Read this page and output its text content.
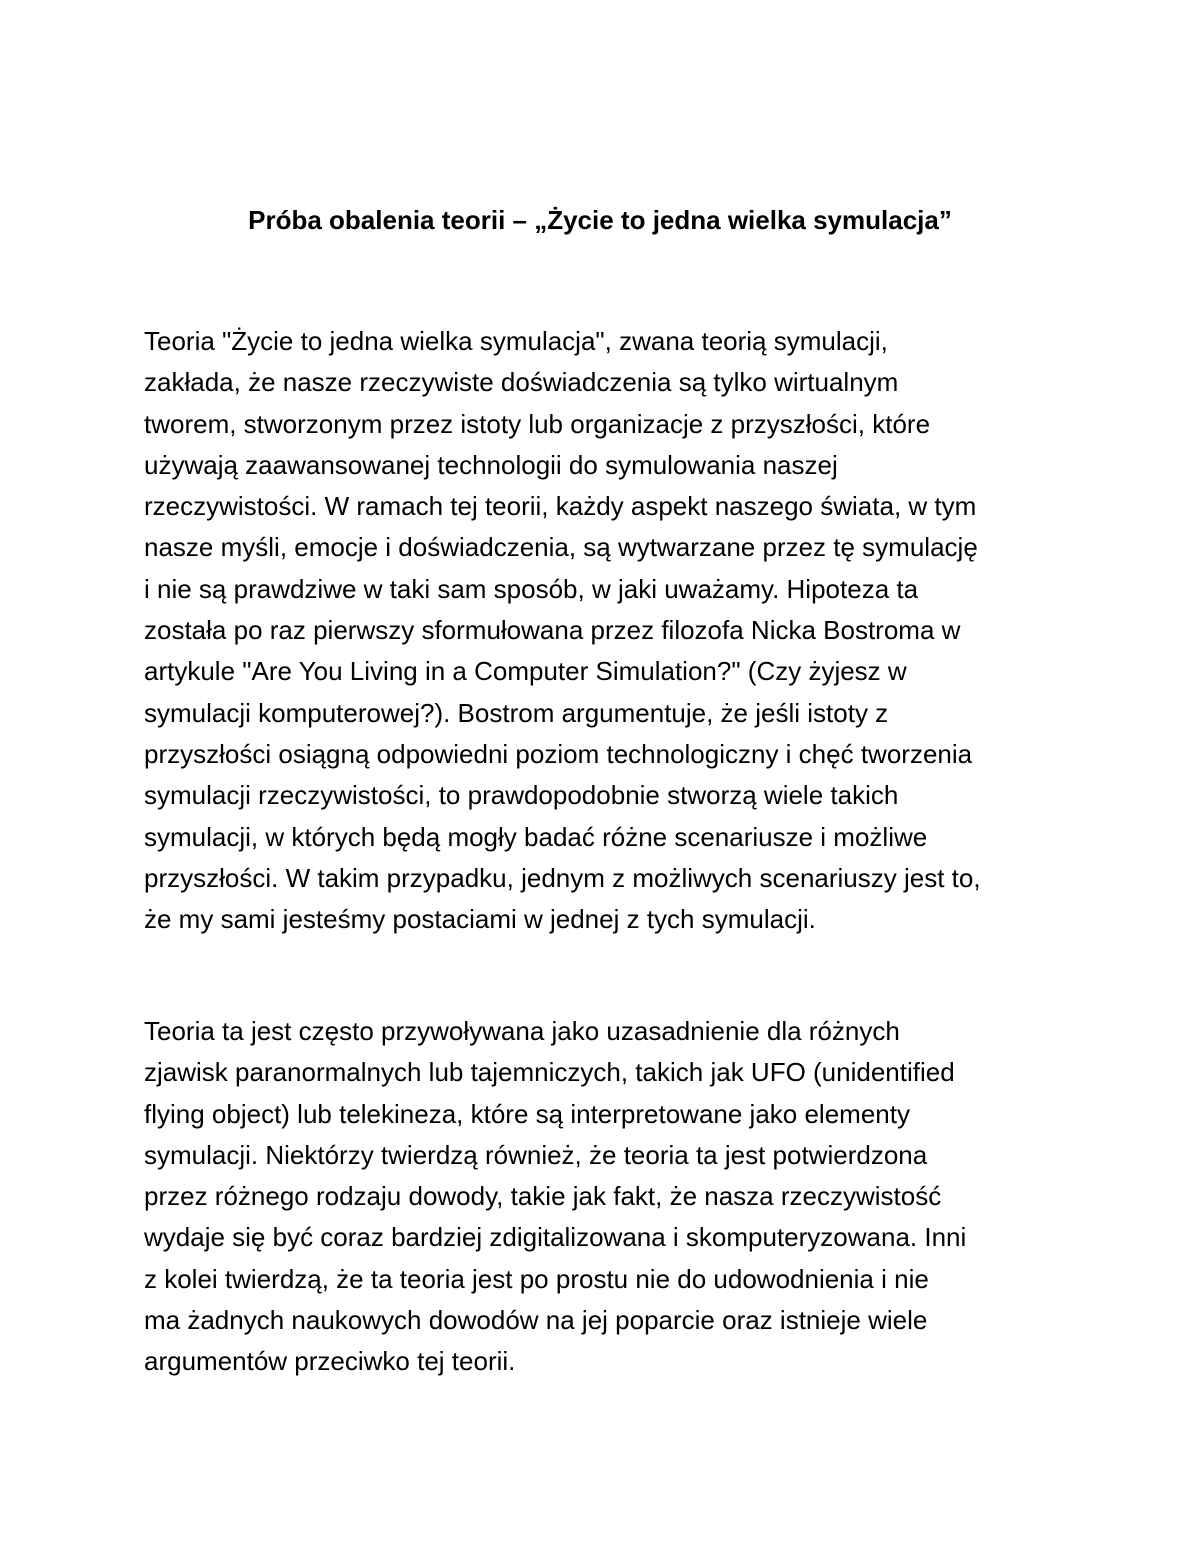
Próba obalenia teorii – „Życie to jedna wielka symulacja”

Teoria "Życie to jedna wielka symulacja", zwana teorią symulacji,
zakłada, że nasze rzeczywiste doświadczenia są tylko wirtualnym
tworem, stworzonym przez istoty lub organizacje z przyszłości, które
używają zaawansowanej technologii do symulowania naszej
rzeczywistości. W ramach tej teorii, każdy aspekt naszego świata, w tym
nasze myśli, emocje i doświadczenia, są wytwarzane przez tę symulację
i nie są prawdziwe w taki sam sposób, w jaki uważamy. Hipoteza ta
została po raz pierwszy sformułowana przez filozofa Nicka Bostroma w
artykule "Are You Living in a Computer Simulation?" (Czy żyjesz w
symulacji komputerowej?). Bostrom argumentuje, że jeśli istoty z
przyszłości osiągną odpowiedni poziom technologiczny i chęć tworzenia
symulacji rzeczywistości, to prawdopodobnie stworzą wiele takich
symulacji, w których będą mogły badać różne scenariusze i możliwe
przyszłości. W takim przypadku, jednym z możliwych scenariuszy jest to,
że my sami jesteśmy postaciami w jednej z tych symulacji.

Teoria ta jest często przywoływana jako uzasadnienie dla różnych
zjawisk paranormalnych lub tajemniczych, takich jak UFO (unidentified
flying object) lub telekineza, które są interpretowane jako elementy
symulacji. Niektórzy twierdzą również, że teoria ta jest potwierdzona
przez różnego rodzaju dowody, takie jak fakt, że nasza rzeczywistość
wydaje się być coraz bardziej zdigitalizowana i skomputeryzowana. Inni
z kolei twierdzą, że ta teoria jest po prostu nie do udowodnienia i nie
ma żadnych naukowych dowodów na jej poparcie oraz istnieje wiele
argumentów przeciwko tej teorii.
